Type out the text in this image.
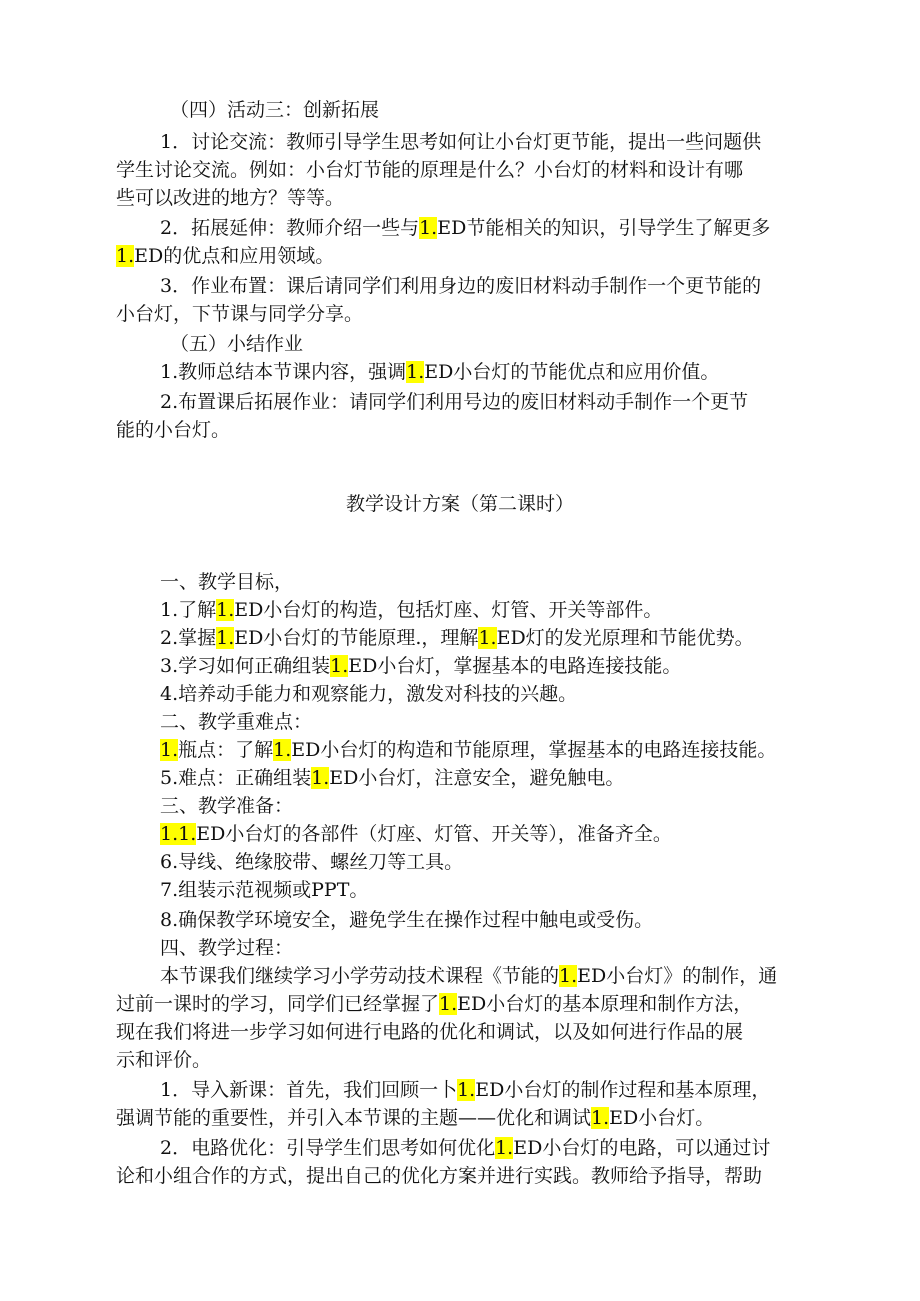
（四）活动三：创新拓展
1．讨论交流：教师引导学生思考如何让小台灯更节能，提出一些问题供
学生讨论交流。例如：小台灯节能的原理是什么？小台灯的材料和设计有哪
些可以改进的地方？等等。
2．拓展延伸：教师介绍一些与1.ED节能相关的知识，引导学生了解更多
1.ED的优点和应用领域。
3．作业布置：课后请同学们利用身边的废旧材料动手制作一个更节能的
小台灯，下节课与同学分享。
（五）小结作业
1.教师总结本节课内容，强调1.ED小台灯的节能优点和应用价值。
2.布置课后拓展作业：请同学们利用号边的废旧材料动手制作一个更节
能的小台灯。
教学设计方案（第二课时）
一、教学目标，
1.了解1.ED小台灯的构造，包括灯座、灯管、开关等部件。
2.掌握1.ED小台灯的节能原理.，理解1.ED灯的发光原理和节能优势。
3.学习如何正确组装1.ED小台灯，掌握基本的电路连接技能。
4.培养动手能力和观察能力，激发对科技的兴趣。
二、教学重难点：
1.瓶点：了解1.ED小台灯的构造和节能原理，掌握基本的电路连接技能。
5.难点：正确组装1.ED小台灯，注意安全，避免触电。
三、教学准备：
1.1.ED小台灯的各部件（灯座、灯管、开关等），准备齐全。
6.导线、绝缘胶带、螺丝刀等工具。
7.组装示范视频或PPT。
8.确保教学环境安全，避免学生在操作过程中触电或受伤。
四、教学过程：
本节课我们继续学习小学劳动技术课程《节能的1.ED小台灯》的制作，通
过前一课时的学习，同学们已经掌握了1.ED小台灯的基本原理和制作方法，
现在我们将进一步学习如何进行电路的优化和调试，以及如何进行作品的展
示和评价。
1．导入新课：首先，我们回顾一卜1.ED小台灯的制作过程和基本原理，
强调节能的重要性，并引入本节课的主题——优化和调试1.ED小台灯。
2．电路优化：引导学生们思考如何优化1.ED小台灯的电路，可以通过讨
论和小组合作的方式，提出自己的优化方案并进行实践。教师给予指导，帮助
